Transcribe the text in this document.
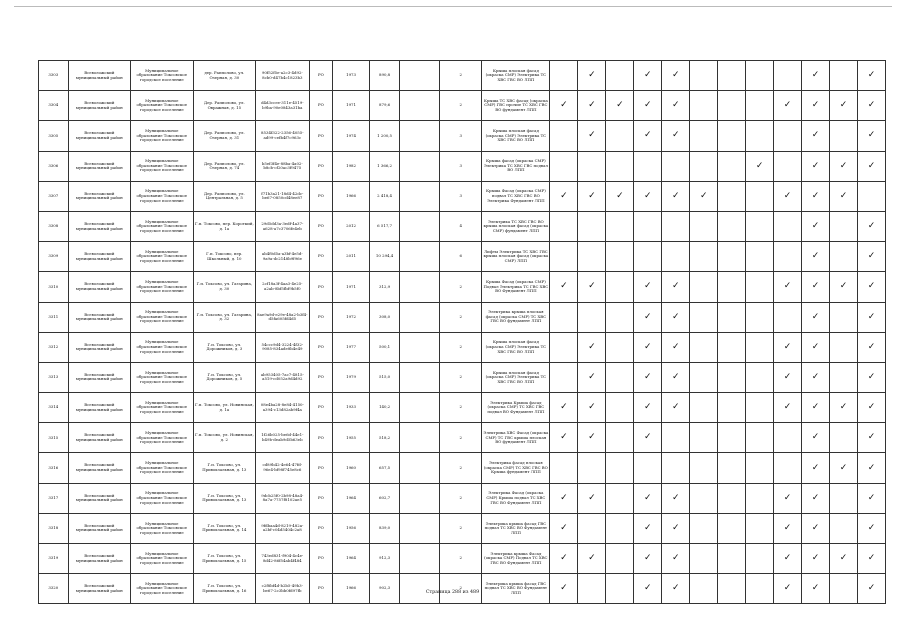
3303	Всеволожский муниципальный район	Муниципальное образование Токсовское городское поселение	дер. Рапполово, ул. Озерная, д. 30	90f52f5e-a2c3-4d92-8cb0-d47b4c1823b3	РО	1973	890,8		2	Крыша плоская фасад (окраска СМР) Электрика ТС ХВС ГВС ВО ЛПП		✓		✓	✓					✓		✓
3304	Всеволожский муниципальный район	Муниципальное образование Токсовское городское поселение	Дер. Рапполово, ул. Овражная, д. 15	d4d3ccee-311e-4519-b9ba-90e0843a31ba	РО	1971	879,6		2	Крыша ТС ХВС фасад (окраска СМР) ГВС прочие ТС ХВС ГВС ВО фундамент ЛПП	✓	✓	✓	✓	✓				✓	✓	✓	✓
3305	Всеволожский муниципальный район	Муниципальное образование Токсовское городское поселение	Дер. Рапполово, ул. Озерная, д. 31	8534f322-2356-4055-ad99-cefb4f7c963c	РО	1974	1 200,5		3	Крыша плоская фасад (окраска СМР) Электрика ТС ХВС ГВС ВО ЛПП		✓		✓	✓					✓		✓
3306	Всеволожский муниципальный район	Муниципальное образование Токсовское городское поселение	Дер. Рапполово, ул. Озерная, д. 74	b5ef3f4e-88ba-4a02-b8cb-cf20ac3f9475	РО	1982	1 366,2		3	Крыша фасад (окраска СМР) Электрика ТС ХВС ГВС подвал ВО ЛПП								✓		✓	✓	✓
3307	Всеволожский муниципальный район	Муниципальное образование Токсовское городское поселение	Дер. Рапполово, ул. Центральная, д. 5	f71b3a21-18d4-42dc-be67-0850cd48ee87	РО	1966	2 418,4		3	Крыша Фасад (окраска СМР) подвал ТС ХВС ГВС ВО Электрика Фундамент ЛПП	✓	✓	✓	✓	✓	✓			✓	✓	✓	
3308	Всеволожский муниципальный район	Муниципальное образование Токсовское городское поселение	Г.п. Токсово, пер. Короткий, д. 1а	29d5dd3a-3edf-4a37-a628-a7c3706fe4eb	РО	2012	6 517,7		4	Электрика ТС ХВС ГВС ВО крыша плоская фасад (окраска СМР) фундамент ЛПП										✓		✓
3309	Всеволожский муниципальный район	Муниципальное образование Токсовское городское поселение	Г.п. Токсово, пер. Школьный, д. 10	ab4f0d5a-a3bf-4e5d-9a9a-dc2148b9f96e	РО	2011	10 294,4		6	Лифты Электрика ТС ХВС ГВС крыша плоская фасад (окраска СМР) ЛПП										✓		✓
3310	Всеволожский муниципальный район	Муниципальное образование Токсовское городское поселение	Г.п. Токсово, ул. Гагарина, д. 30	2cf18a3f-4aa3-4e25-a2ab-8bf5fbf9b5f0	РО	1971	312,9		2	Крыша Фасад (окраска СМР) Подвал Электрика ТС ГВС ХВС ВО Фундамент ЛПП	✓	✓		✓	✓				✓	✓	✓	✓
3311	Всеволожский муниципальный район	Муниципальное образование Токсовское городское поселение	Г.п. Токсово, ул. Гагарина, д. 32	8ae9a9d-e29e-48a2-b3f4-d5fa605fd4d5	РО	1972	308,0		2	Электрика крыша плоская фасад (окраска СМР) ТС ХВС ГВС ВО фундамент ЛПП				✓	✓					✓		✓
3312	Всеволожский муниципальный район	Муниципальное образование Токсовское городское поселение	Г.п. Токсово, ул. Дорожников, д. 3	54ccc9d4-3224-4f32-9085-834ade8b4e49	РО	1977	500,1		2	Крыша плоская фасад (окраска СМР) Электрика ТС ХВС ГВС ВО ЛПП		✓		✓	✓				✓	✓		✓
3313	Всеволожский муниципальный район	Муниципальное образование Токсовское городское поселение	Г.п. Токсово, ул. Дорожников, д. 5	ab953405-7ac7-4815-a519-cd052a9d4d92	РО	1979	515,0		2	Крыша плоская фасад (окраска СМР) Электрика ТС ХВС ГВС ВО ЛПП		✓		✓	✓				✓	✓		✓
3314	Всеволожский муниципальный район	Муниципальное образование Токсовское городское поселение	Г.п. Токсово, ул. Новинская, д. 1а	08e4ba28-8e84-4150-a394-c13d82ab9f4a	РО	1933	140,2		2	Электрика Крыша фасад (окраска СМР) ТС ХВС ГВС подвал ВО Фундамент ЛПП	✓	✓		✓	✓				✓	✓	✓	✓
3315	Всеволожский муниципальный район	Муниципальное образование Токсовское городское поселение	Г.п. Токсово, ул. Новинская, д. 2	1f26b025-be6d-44e1-b49b-deab9d5b63eb	РО	1955	518,2		2	Электрика ХВС Фасад (окраска СМР) ТС ГВС крыша плоская ВО фундамент ЛПП	✓	✓		✓						✓		✓
3316	Всеволожский муниципальный район	Муниципальное образование Токсовское городское поселение	Г.п. Токсово, ул. Привокзальная, д. 13	cd89b42-4e64-47fd-96e4-bf98f745e8c6	РО	1960	657,5		2	Электрика фасад плоская (окраска СМР) ТС ХВС ГВС ВО Крыша фундамент ЛПП										✓	✓	✓
3317	Всеволожский муниципальный район	Муниципальное образование Токсовское городское поселение	Г.п. Токсово, ул. Привокзальная, д. 13	9dcb25f0-2b98-48a4-8a7a-7757f8102ae5	РО	1964	602,7		2	Электрика Фасад (окраска СМР) Крыша подвал ТС ХВС ГВС ВО Фундамент ЛПП	✓	✓		✓	✓				✓	✓		✓
3318	Всеволожский муниципальный район	Муниципальное образование Токсовское городское поселение	Г.п. Токсово, ул. Привокзальная, д. 14	9fdbaa4d-8219-482a-a2bf-c04d5404c2a8	РО	1956	839,0		2	Электрика крыша фасад ГВС подвал ТС ХВС ВО Фундамент ЛПП	✓			✓	✓				✓	✓		✓
3319	Всеволожский муниципальный район	Муниципальное образование Токсовское городское поселение	Г.п. Токсово, ул. Привокзальная, д. 15	743ed831-f904-4c4e-8d42-86f54ab4f484	РО	1964	912,3		2	Электрика крыша Фасад (окраска СМР) Подвал ТС ХВС ГВС ВО Фундамент ЛПП	✓	✓		✓	✓				✓	✓	✓	✓
3320	Всеволожский муниципальный район	Муниципальное образование Токсовское городское поселение	Г.п. Токсово, ул. Привокзальная, д. 16	c2f8bf4d-b2b5-49b3-be67-2c3bb0fd97fb	РО	1966	902,3		2	Электрика крыша фасад ГВС подвал ТС ХВС ВО Фундамент ЛПП	✓			✓	✓				✓	✓		✓
Страница 288 из 489
